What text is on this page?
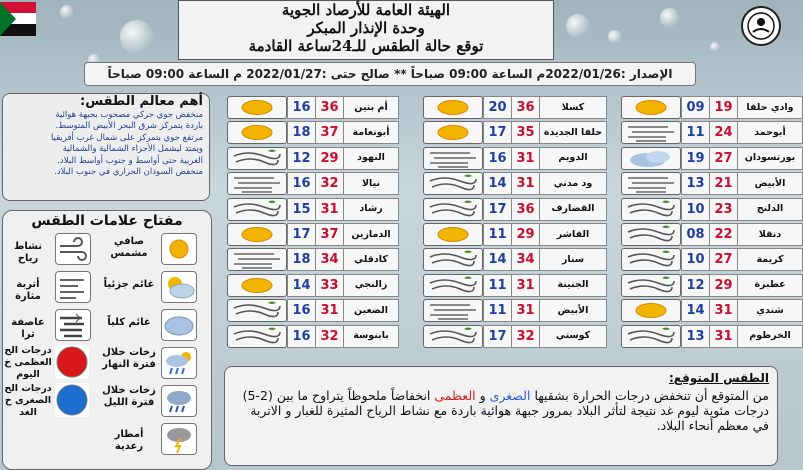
الهيئة العامة للأرصاد الجوية
وحدة الإنذار المبكر
توقع حالة الطقس للـ24ساعة القادمة
الإصدار :2022/01/26م الساعة 09:00 صباحاً ** صالح حتى :2022/01/27 م الساعة 09:00 صباحاً
أهم معالم الطقس:

منخفض جوي حركي مصحوب بجبهة هوائية

باردة يتمركز شرق البحر الأبيض المتوسط.

مرتفع جوي يتمركز على شمال غرب أفريقيا

ويمتد ليشمل الأجزاء الشمالية والشمالية

الغربية حتى أواسط و جنوب أواسط البلاد.

منخفض السودان الحراري في جنوب البلاد.

مفتاح علامات الطقس
صافي مشمس
غائم جزئياً
غائم كلياً
زخات خلال فترة النهار
زخات خلال فترة الليل
أمطار رعدية
نشاط رياح
أتربة مثارة
عاصفة ترا
درجات الح العظمى خ اليوم
درجات الح الصغرى خ الغد
16 36	أم بنين
18 37	أبونعامة
12 29	النهود
16 32	نيالا
15 31	رشاد
17 37	الدمازين
18 34	كادقلي
14 33	زالنجي
16 31	الضعين
16 32	بابنوسة
20 36	كسلا
17 35 حلفا الجديدة
16 31	الدويم
14 31	ود مدني
17 36	القضارف
11 29	الفاشر
14 34	سنار
11 31	الجنينة
11 31	الأبيض
17 32	كوستي
09 19	وادي حلفا
11 24	أبوحمد
19 27	بورتسودان
13 21	الأبيض
10 23	الدلنج
08 22	دنقلا
10 27	كريمة
12 29	عطبرة
14 31	شندي
13 31	الخرطوم
الطقس المتوقع:
من المتوقع أن تنخفض درجات الحرارة بشقيها الصغرى و العظمى انخفاضاً ملحوظاً يتراوح ما بين (2-5) درجات مئوية ليوم غد نتيجة لتأثر البلاد بمرور جبهة هوائية باردة مع نشاط الرياح المثيرة للغبار و الاتربة في معظم أنحاء البلاد.
